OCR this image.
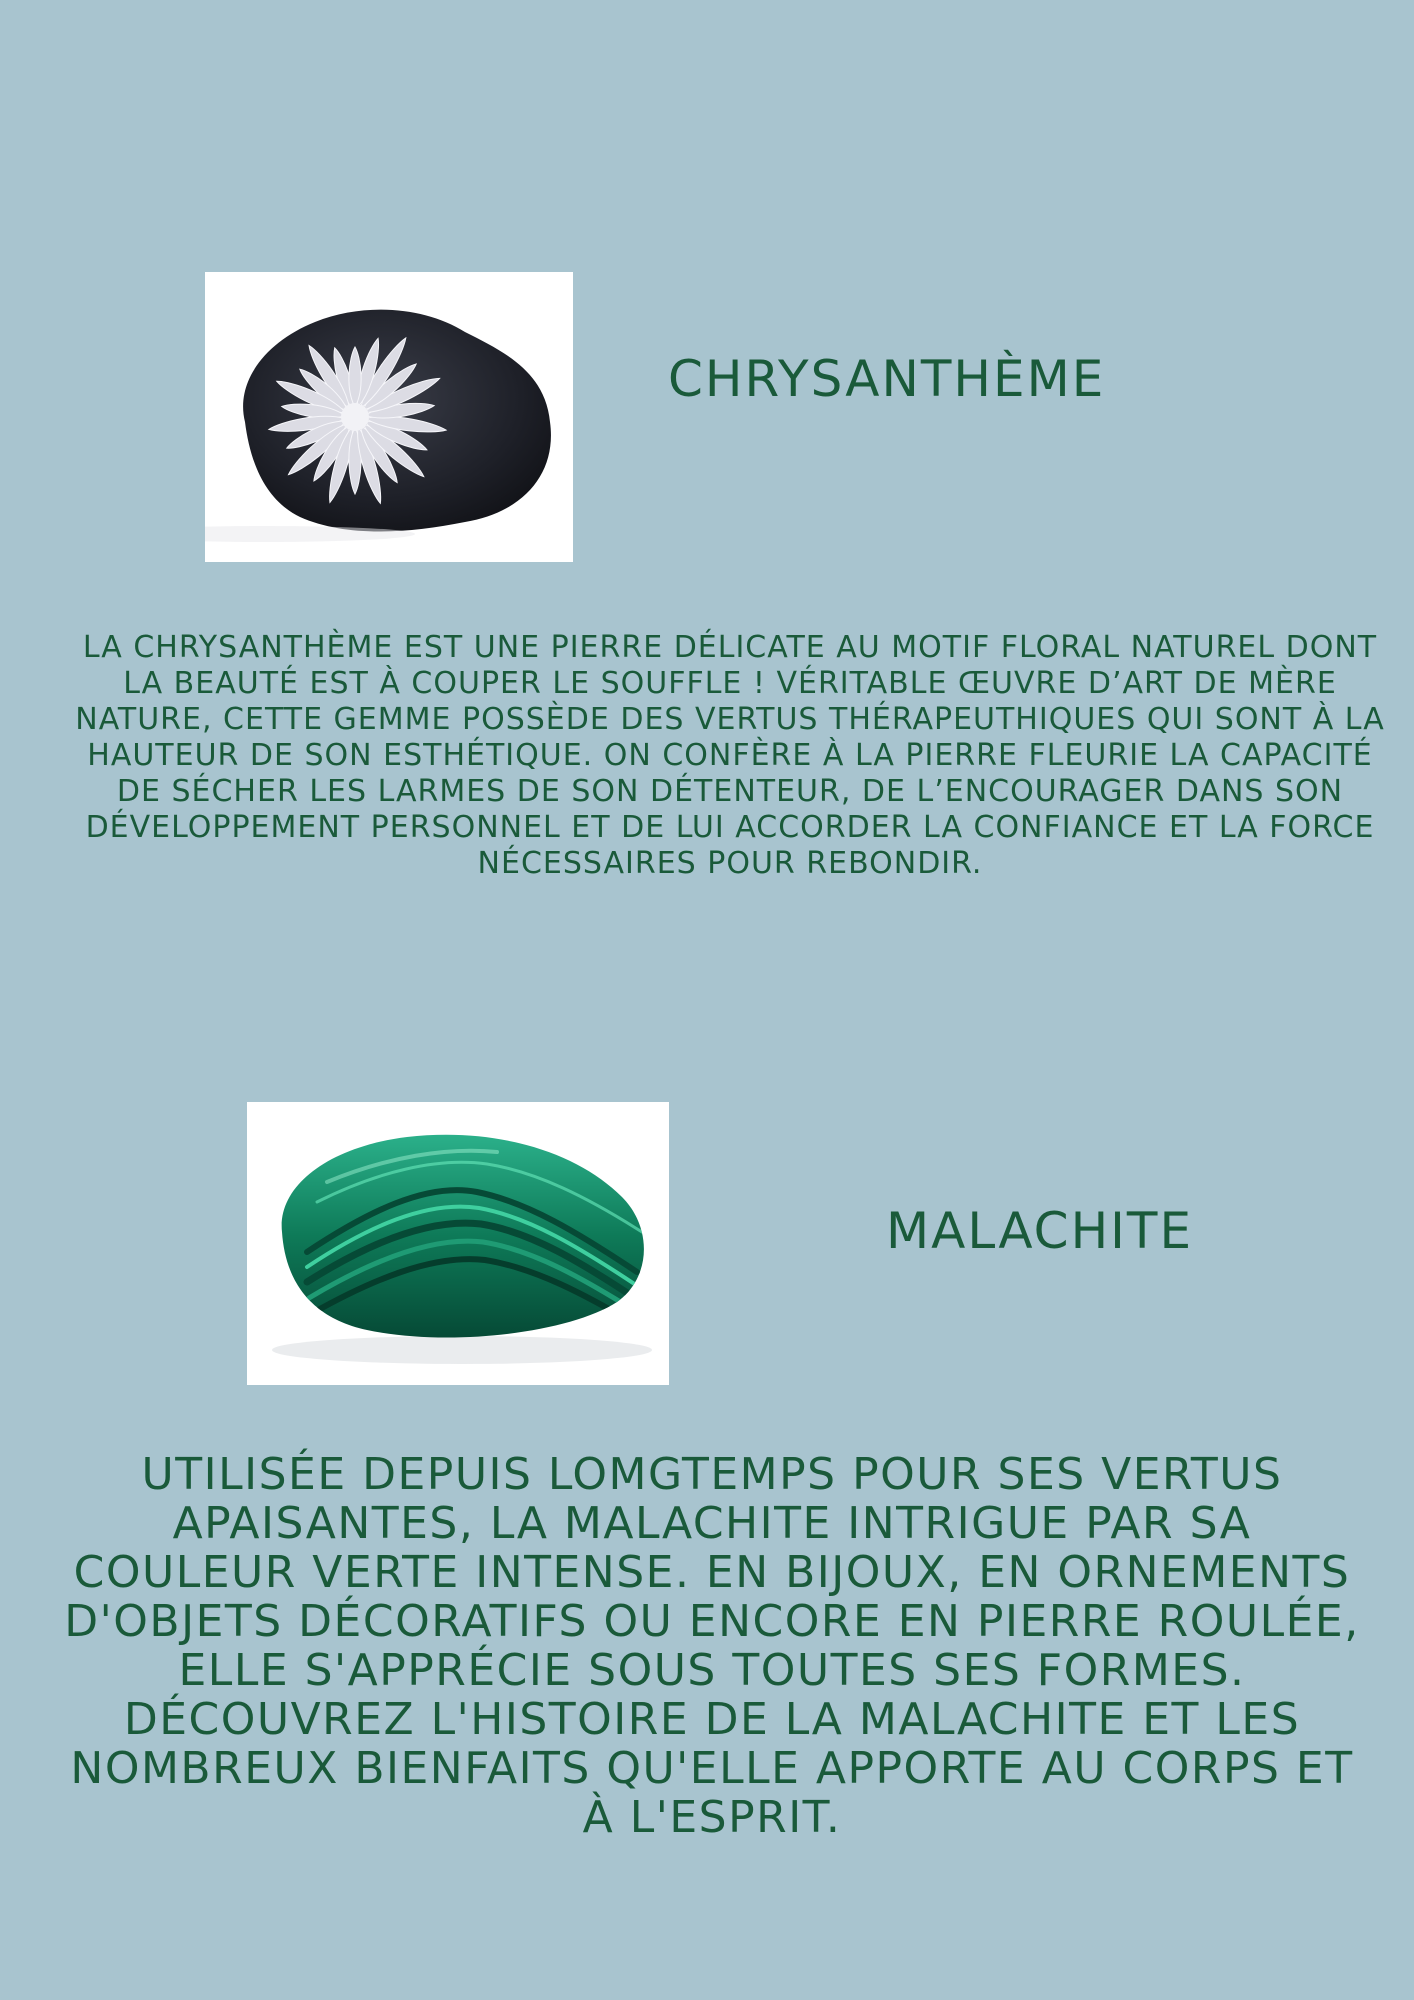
CHRYSANTHÈME

LA CHRYSANTHÈME EST UNE PIERRE DÉLICATE AU MOTIF FLORAL NATUREL DONT LA BEAUTÉ EST À COUPER LE SOUFFLE ! VÉRITABLE ŒUVRE D’ART DE MÈRE NATURE, CETTE GEMME POSSÈDE DES VERTUS THÉRAPEUTHIQUES QUI SONT À LA HAUTEUR DE SON ESTHÉTIQUE. ON CONFÈRE À LA PIERRE FLEURIE LA CAPACITÉ DE SÉCHER LES LARMES DE SON DÉTENTEUR, DE L’ENCOURAGER DANS SON DÉVELOPPEMENT PERSONNEL ET DE LUI ACCORDER LA CONFIANCE ET LA FORCE NÉCESSAIRES POUR REBONDIR.

MALACHITE

UTILISÉE DEPUIS LOMGTEMPS POUR SES VERTUS APAISANTES, LA MALACHITE INTRIGUE PAR SA COULEUR VERTE INTENSE. EN BIJOUX, EN ORNEMENTS D'OBJETS DÉCORATIFS OU ENCORE EN PIERRE ROULÉE, ELLE S'APPRÉCIE SOUS TOUTES SES FORMES. DÉCOUVREZ L'HISTOIRE DE LA MALACHITE ET LES NOMBREUX BIENFAITS QU'ELLE APPORTE AU CORPS ET À L'ESPRIT.
